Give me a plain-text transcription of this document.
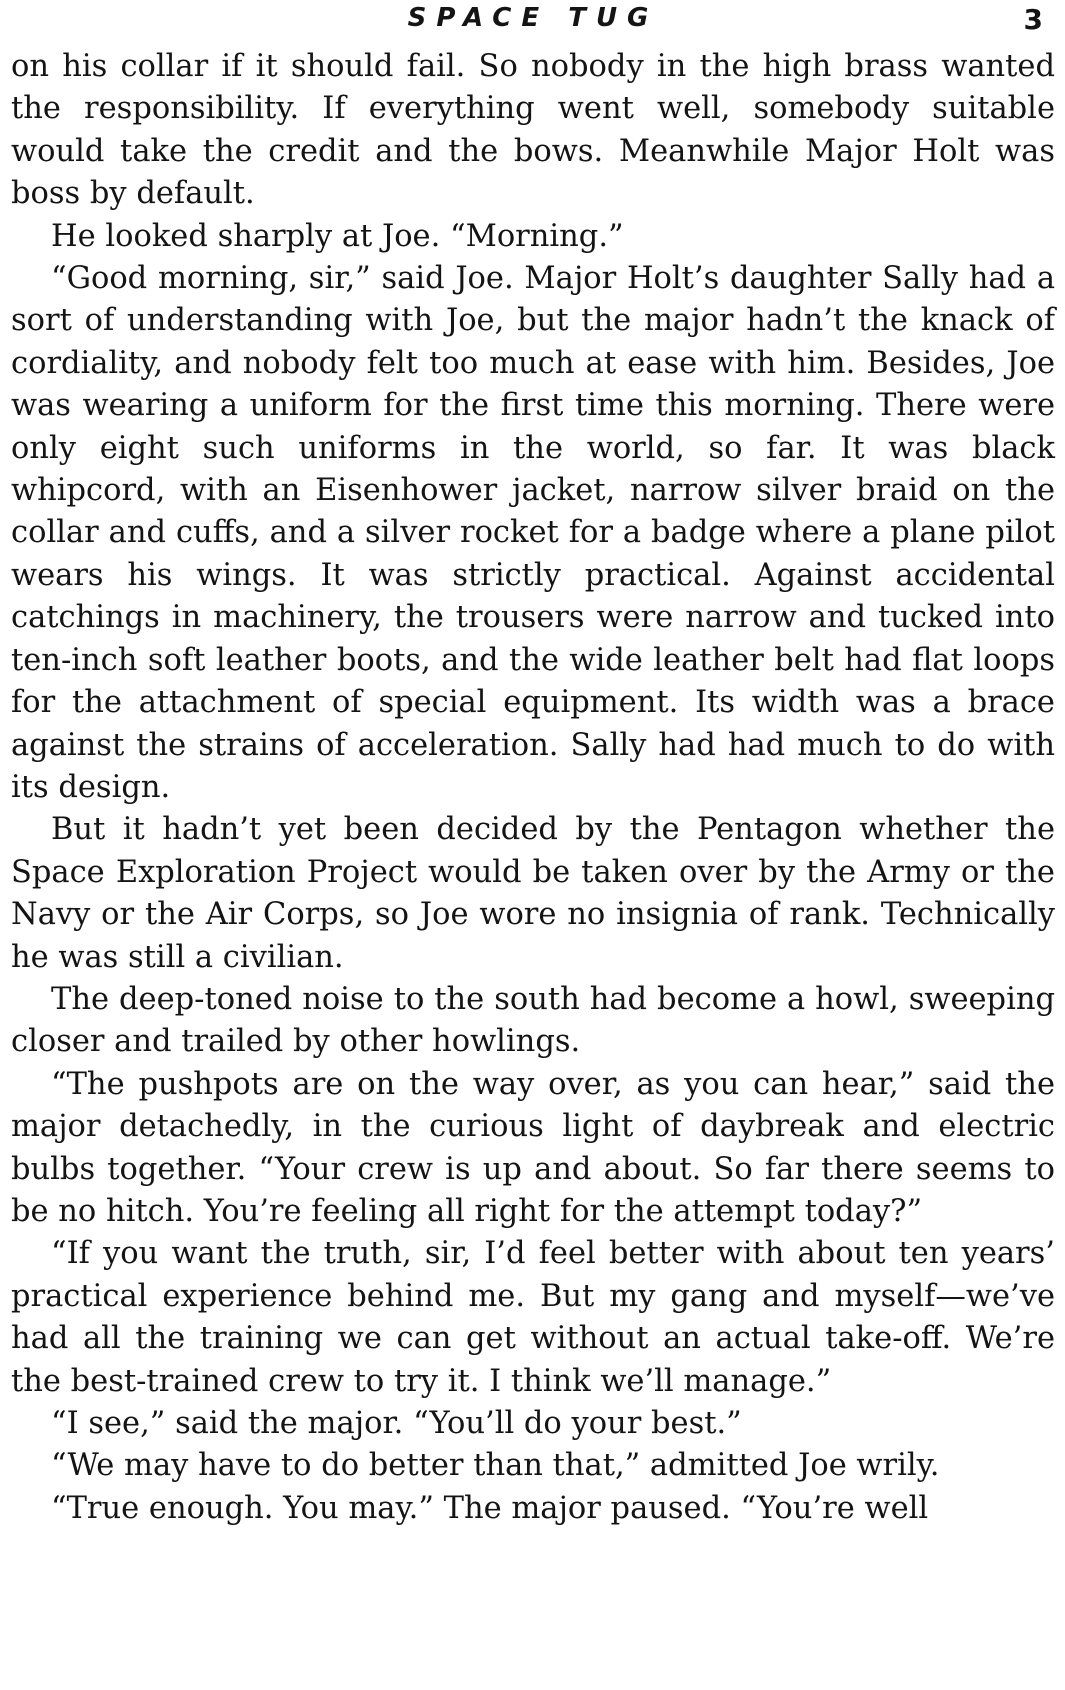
SPACE TUG	3

on his collar if it should fail. So nobody in the high brass wanted the responsibility. If everything went well, somebody suitable would take the credit and the bows. Meanwhile Major Holt was boss by default.

He looked sharply at Joe. “Morning.”

“Good morning, sir,” said Joe. Major Holt’s daughter Sally had a sort of understanding with Joe, but the major hadn’t the knack of cordiality, and nobody felt too much at ease with him. Besides, Joe was wearing a uniform for the first time this morning. There were only eight such uniforms in the world, so far. It was black whipcord, with an Eisenhower jacket, narrow silver braid on the collar and cuffs, and a silver rocket for a badge where a plane pilot wears his wings. It was strictly practical. Against accidental catchings in machinery, the trousers were narrow and tucked into ten-inch soft leather boots, and the wide leather belt had flat loops for the attachment of special equipment. Its width was a brace against the strains of acceleration. Sally had had much to do with its design.

But it hadn’t yet been decided by the Pentagon whether the Space Exploration Project would be taken over by the Army or the Navy or the Air Corps, so Joe wore no insignia of rank. Technically he was still a civilian.

The deep-toned noise to the south had become a howl, sweeping closer and trailed by other howlings.

“The pushpots are on the way over, as you can hear,” said the major detachedly, in the curious light of daybreak and electric bulbs together. “Your crew is up and about. So far there seems to be no hitch. You’re feeling all right for the attempt today?”

“If you want the truth, sir, I’d feel better with about ten years’ practical experience behind me. But my gang and myself—we’ve had all the training we can get without an actual take-off. We’re the best-trained crew to try it. I think we’ll manage.”

“I see,” said the major. “You’ll do your best.”

“We may have to do better than that,” admitted Joe wrily.

“True enough. You may.” The major paused. “You’re well
